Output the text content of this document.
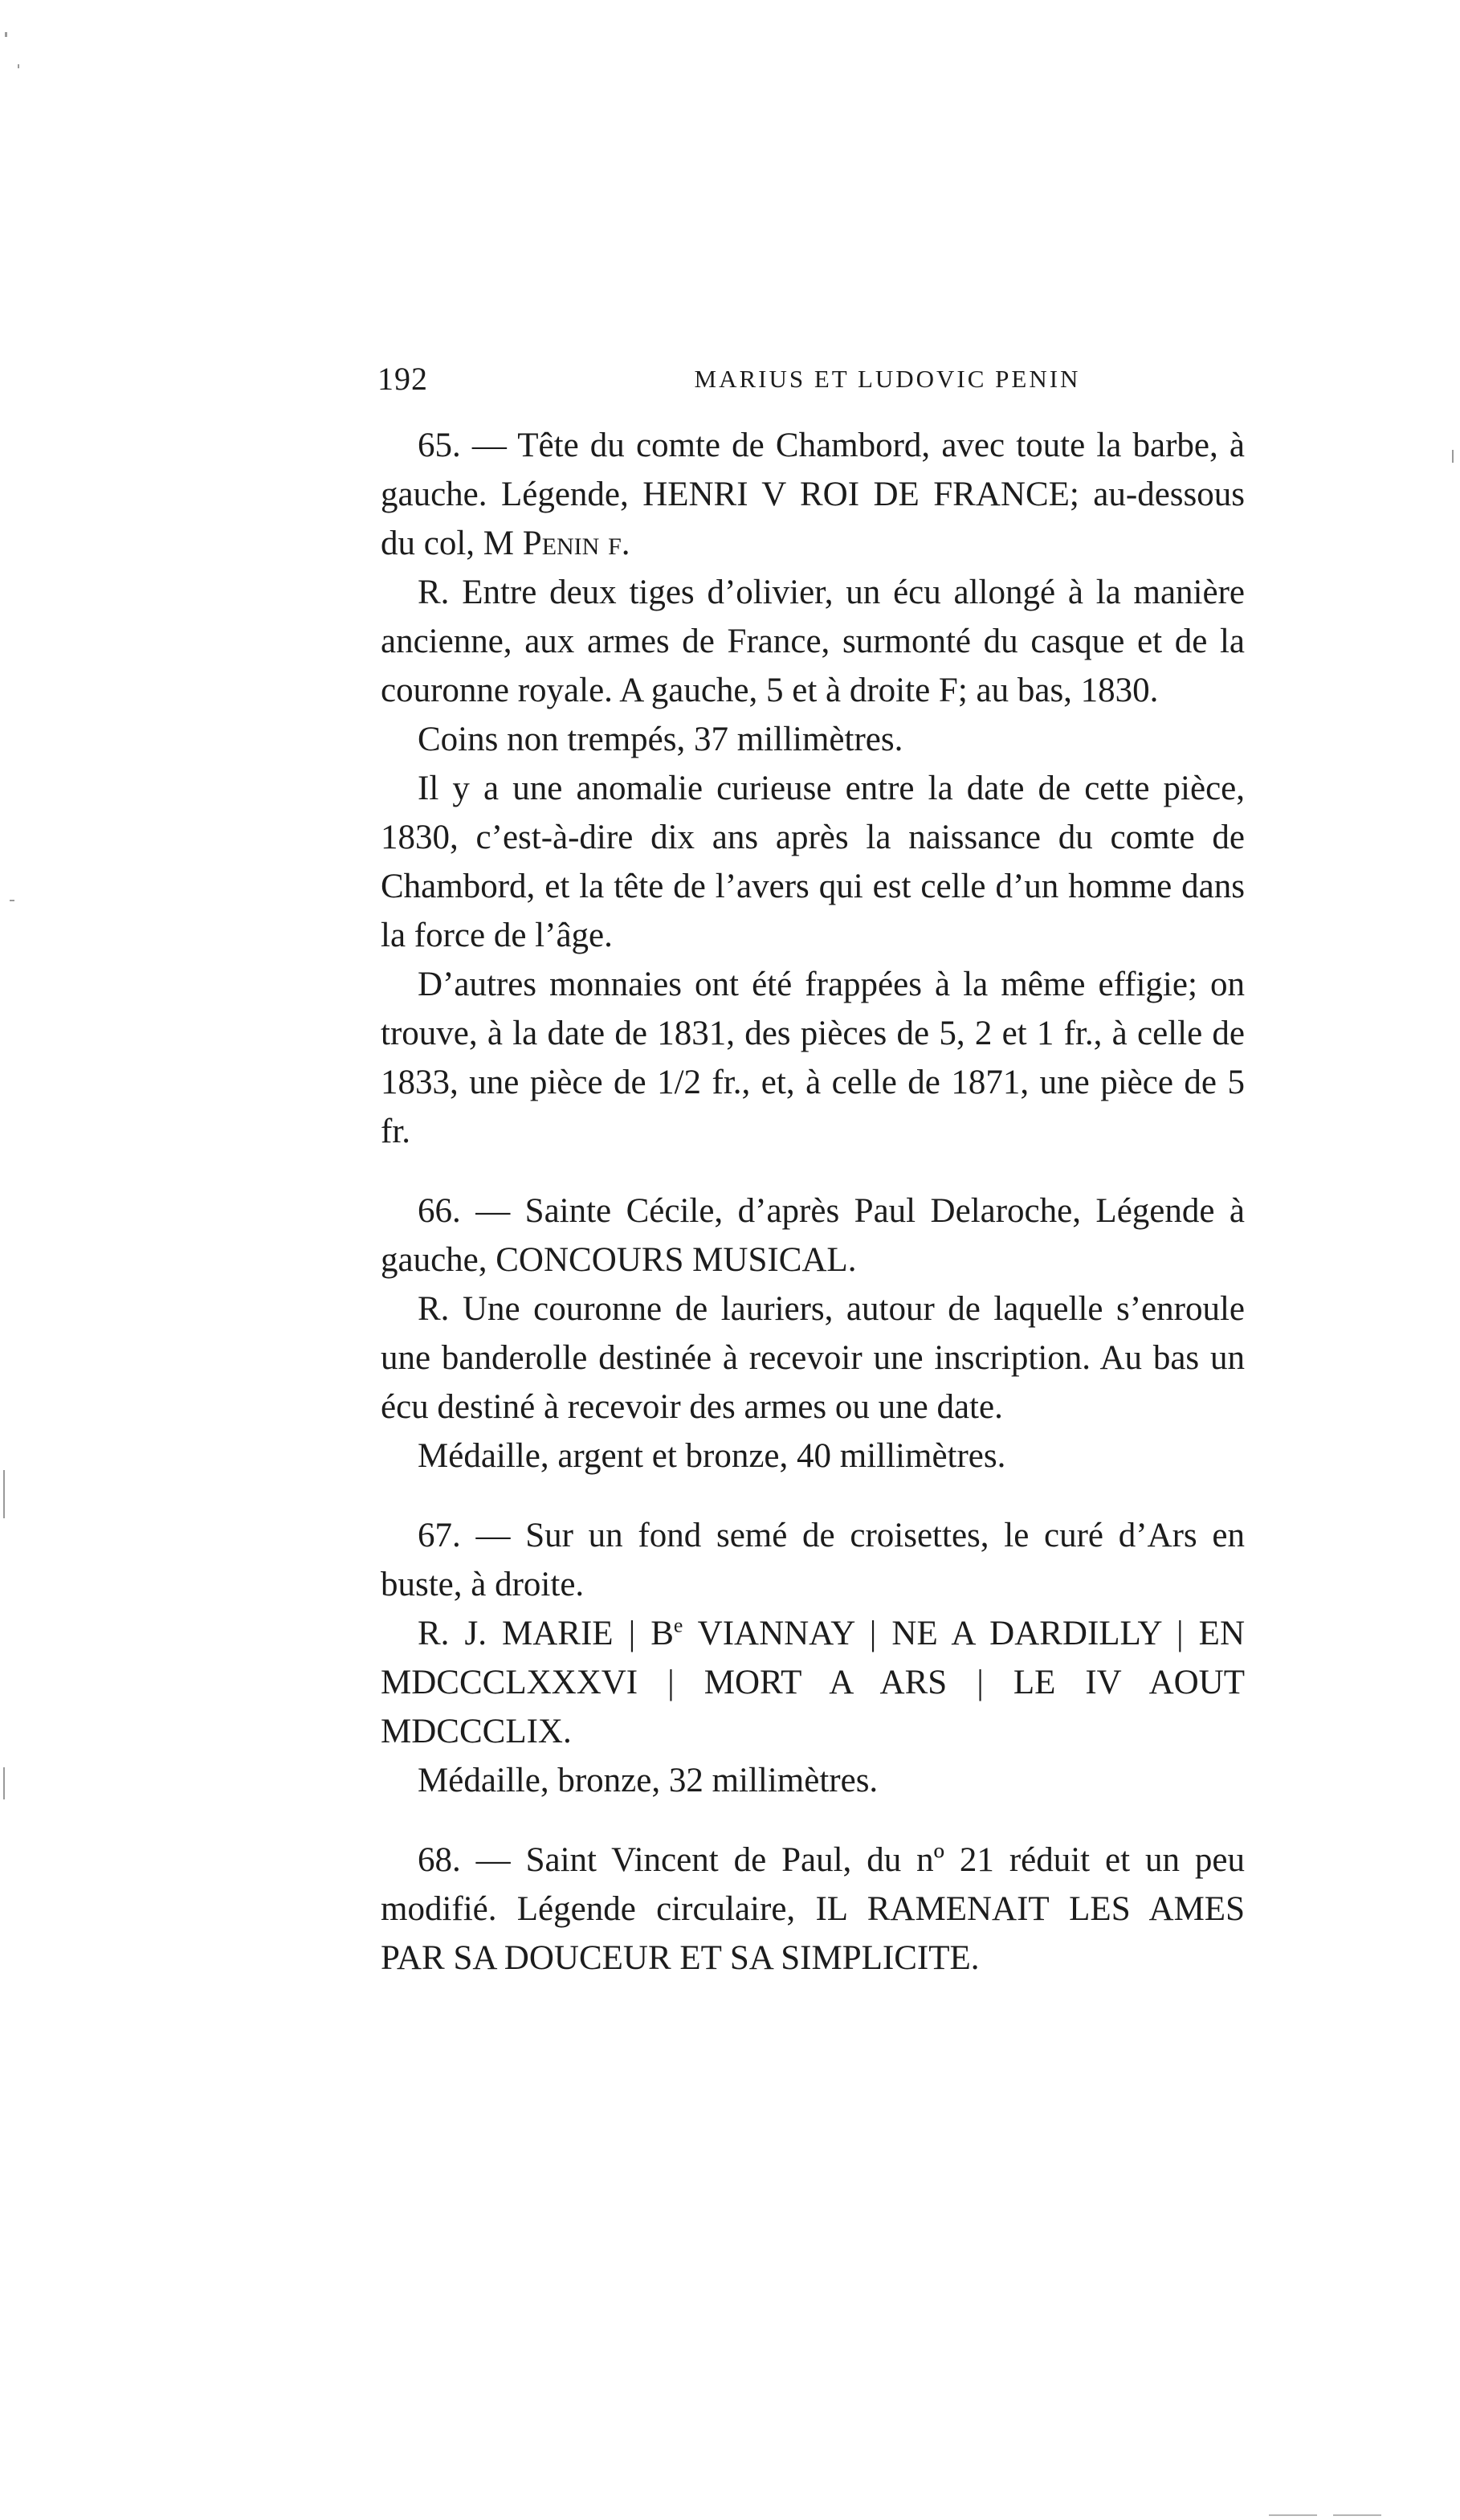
192	MARIUS ET LUDOVIC PENIN

65. — Tête du comte de Chambord, avec toute la barbe, à gauche. Légende, HENRI V ROI DE FRANCE; au-dessous du col, M Penin f.

R. Entre deux tiges d’olivier, un écu allongé à la manière ancienne, aux armes de France, surmonté du casque et de la couronne royale. A gauche, 5 et à droite F; au bas, 1830.

Coins non trempés, 37 millimètres.

Il y a une anomalie curieuse entre la date de cette pièce, 1830, c’est-à-dire dix ans après la naissance du comte de Chambord, et la tête de l’avers qui est celle d’un homme dans la force de l’âge.

D’autres monnaies ont été frappées à la même effigie; on trouve, à la date de 1831, des pièces de 5, 2 et 1 fr., à celle de 1833, une pièce de 1/2 fr., et, à celle de 1871, une pièce de 5 fr.

66. — Sainte Cécile, d’après Paul Delaroche, Légende à gauche, CONCOURS MUSICAL.

R. Une couronne de lauriers, autour de laquelle s’enroule une banderolle destinée à recevoir une inscription. Au bas un écu destiné à recevoir des armes ou une date.

Médaille, argent et bronze, 40 millimètres.

67. — Sur un fond semé de croisettes, le curé d’Ars en buste, à droite.

R. J. MARIE | $B^e$ VIANNAY | NE A DARDILLY | EN MDCCCLXXXVI | MORT A ARS | LE IV AOUT MDCCCLIX.

Médaille, bronze, 32 millimètres.

68. — Saint Vincent de Paul, du nº 21 réduit et un peu modifié. Légende circulaire, IL RAMENAIT LES AMES PAR SA DOUCEUR ET SA SIMPLICITE.
